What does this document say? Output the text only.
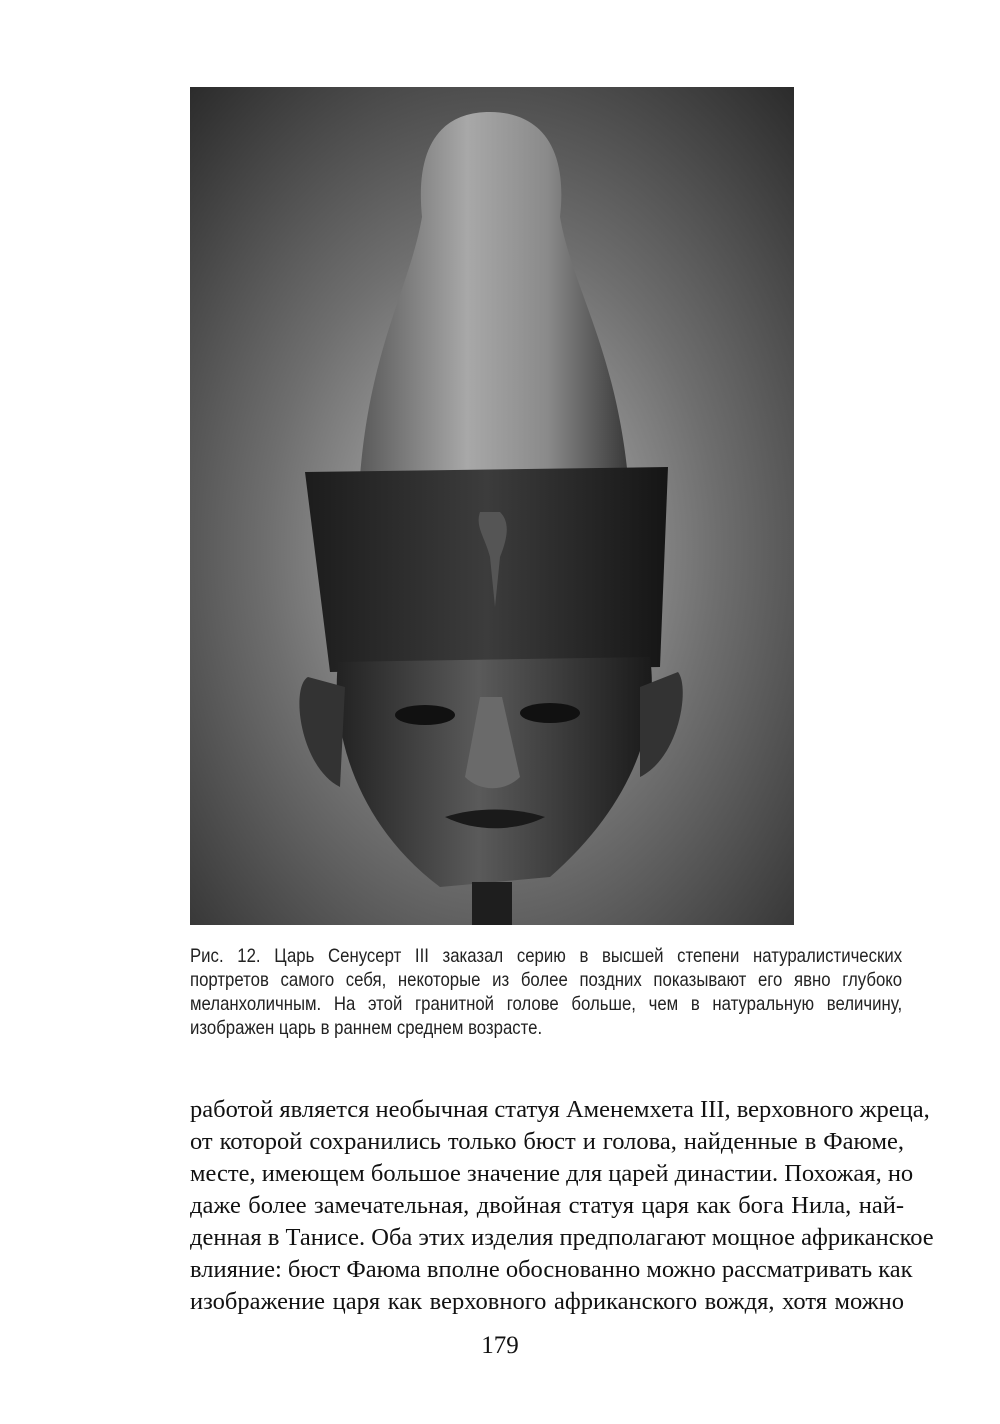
Рис. 12. Царь Сенусерт III заказал серию в высшей степени натуралистических
портретов самого себя, некоторые из более поздних показывают его явно глубоко
меланхоличным. На этой гранитной голове больше, чем в натуральную величину,
изображен царь в раннем среднем возрасте.
работой является необычная статуя Аменемхета III, верховного жреца,
от которой сохранились только бюст и голова, найденные в Фаюме,
месте, имеющем большое значение для царей династии. Похожая, но
даже более замечательная, двойная статуя царя как бога Нила, най-
денная в Танисе. Оба этих изделия предполагают мощное африканское
влияние: бюст Фаюма вполне обоснованно можно рассматривать как
изображение царя как верховного африканского вождя, хотя можно
179
